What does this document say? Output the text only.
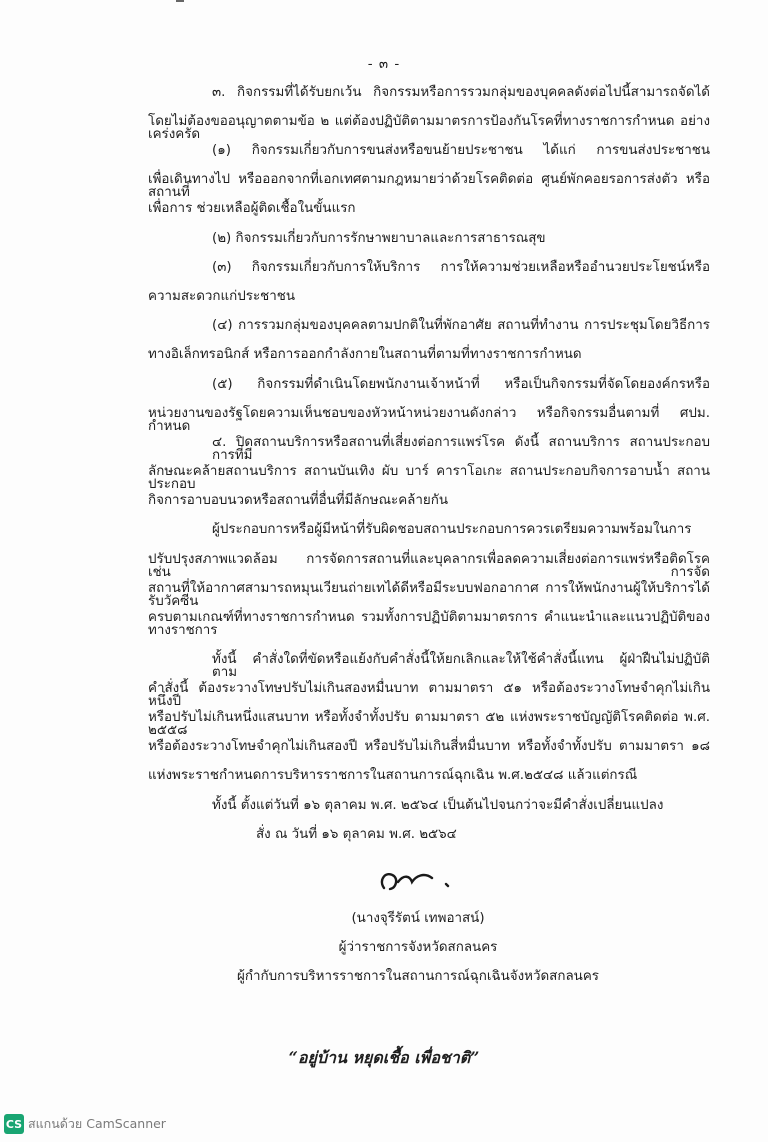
- ๓ -
๓. กิจกรรมที่ได้รับยกเว้น กิจกรรมหรือการรวมกลุ่มของบุคคลดังต่อไปนี้สามารถจัดได้
โดยไม่ต้องขออนุญาตตามข้อ ๒ แต่ต้องปฏิบัติตามมาตรการป้องกันโรคที่ทางราชการกำหนด อย่างเคร่งครัด
(๑) กิจกรรมเกี่ยวกับการขนส่งหรือขนย้ายประชาชน ได้แก่ การขนส่งประชาชน
เพื่อเดินทางไป หรือออกจากที่เอกเทศตามกฎหมายว่าด้วยโรคติดต่อ ศูนย์พักคอยรอการส่งตัว หรือสถานที่
เพื่อการ ช่วยเหลือผู้ติดเชื้อในขั้นแรก
(๒) กิจกรรมเกี่ยวกับการรักษาพยาบาลและการสาธารณสุข
(๓) กิจกรรมเกี่ยวกับการให้บริการ การให้ความช่วยเหลือหรืออำนวยประโยชน์หรือ
ความสะดวกแก่ประชาชน
(๔) การรวมกลุ่มของบุคคลตามปกติในที่พักอาศัย สถานที่ทำงาน การประชุมโดยวิธีการ
ทางอิเล็กทรอนิกส์ หรือการออกกำลังกายในสถานที่ตามที่ทางราชการกำหนด
(๕) กิจกรรมที่ดำเนินโดยพนักงานเจ้าหน้าที่ หรือเป็นกิจกรรมที่จัดโดยองค์กรหรือ
หน่วยงานของรัฐโดยความเห็นชอบของหัวหน้าหน่วยงานดังกล่าว หรือกิจกรรมอื่นตามที่ ศปม. กำหนด
๔. ปิดสถานบริการหรือสถานที่เสี่ยงต่อการแพร่โรค ดังนี้ สถานบริการ สถานประกอบการที่มี
ลักษณะคล้ายสถานบริการ สถานบันเทิง ผับ บาร์ คาราโอเกะ สถานประกอบกิจการอาบน้ำ สถานประกอบ
กิจการอาบอบนวดหรือสถานที่อื่นที่มีลักษณะคล้ายกัน
ผู้ประกอบการหรือผู้มีหน้าที่รับผิดชอบสถานประกอบการควรเตรียมความพร้อมในการ
ปรับปรุงสภาพแวดล้อม การจัดการสถานที่และบุคลากรเพื่อลดความเสี่ยงต่อการแพร่หรือติดโรค เช่น การจัด
สถานที่ให้อากาศสามารถหมุนเวียนถ่ายเทได้ดีหรือมีระบบฟอกอากาศ การให้พนักงานผู้ให้บริการได้รับวัคซีน
ครบตามเกณฑ์ที่ทางราชการกำหนด รวมทั้งการปฏิบัติตามมาตรการ คำแนะนำและแนวปฏิบัติของทางราชการ
ทั้งนี้ คำสั่งใดที่ขัดหรือแย้งกับคำสั่งนี้ให้ยกเลิกและให้ใช้คำสั่งนี้แทน ผู้ฝ่าฝืนไม่ปฏิบัติตาม
คำสั่งนี้ ต้องระวางโทษปรับไม่เกินสองหมื่นบาท ตามมาตรา ๕๑ หรือต้องระวางโทษจำคุกไม่เกินหนึ่งปี
หรือปรับไม่เกินหนึ่งแสนบาท หรือทั้งจำทั้งปรับ ตามมาตรา ๕๒ แห่งพระราชบัญญัติโรคติดต่อ พ.ศ. ๒๕๕๘
หรือต้องระวางโทษจำคุกไม่เกินสองปี หรือปรับไม่เกินสี่หมื่นบาท หรือทั้งจำทั้งปรับ ตามมาตรา ๑๘
แห่งพระราชกำหนดการบริหารราชการในสถานการณ์ฉุกเฉิน พ.ศ.๒๕๔๘ แล้วแต่กรณี
ทั้งนี้ ตั้งแต่วันที่ ๑๖ ตุลาคม พ.ศ. ๒๕๖๔ เป็นต้นไปจนกว่าจะมีคำสั่งเปลี่ยนแปลง
สั่ง ณ วันที่ ๑๖ ตุลาคม พ.ศ. ๒๕๖๔
(นางจุรีรัตน์ เทพอาสน์)
ผู้ว่าราชการจังหวัดสกลนคร
ผู้กำกับการบริหารราชการในสถานการณ์ฉุกเฉินจังหวัดสกลนคร
“อยู่บ้าน หยุดเชื้อ เพื่อชาติ”
CS สแกนด้วย CamScanner
